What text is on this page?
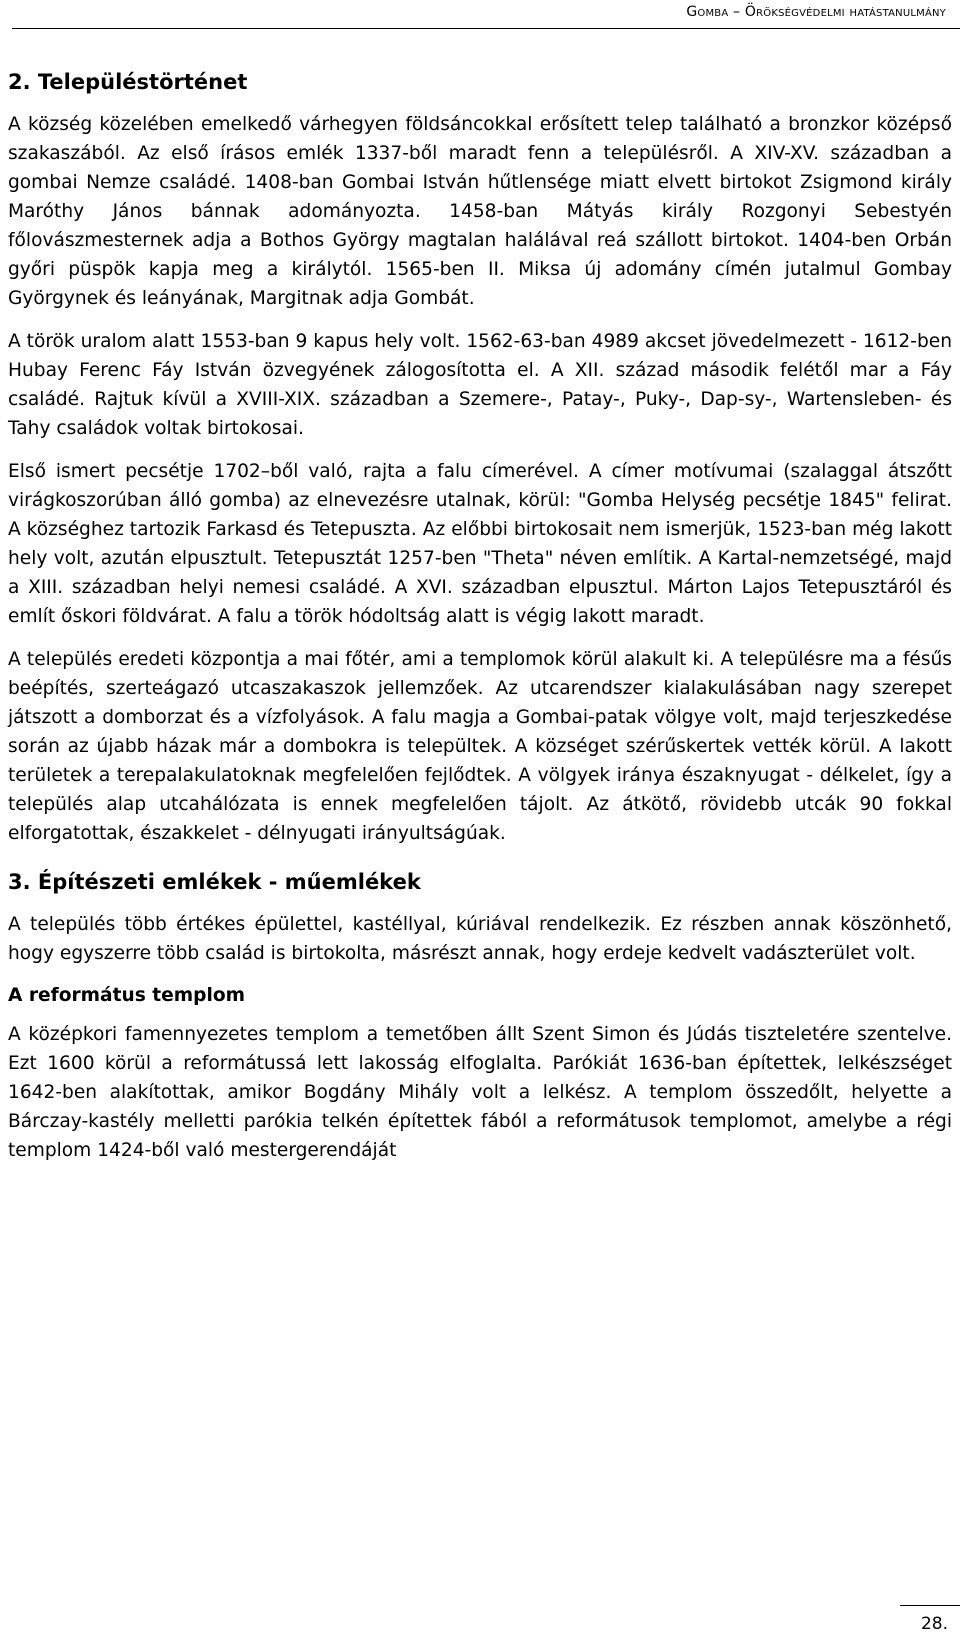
Gomba – Örökségvédelmi hatástanulmány
2. Településtörténet

A község közelében emelkedő várhegyen földsáncokkal erősített telep található a bronzkor középső szakaszából. Az első írásos emlék 1337-ből maradt fenn a településről. A XIV-XV. században a gombai Nemze családé. 1408-ban Gombai István hűtlensége miatt elvett birtokot Zsigmond király Maróthy János bánnak adományozta. 1458-ban Mátyás király Rozgonyi Sebestyén főlovászmesternek adja a Bothos György magtalan halálával reá szállott birtokot. 1404-ben Orbán győri püspök kapja meg a királytól. 1565-ben II. Miksa új adomány címén jutalmul Gombay Györgynek és leányának, Margitnak adja Gombát.

A török uralom alatt 1553-ban 9 kapus hely volt. 1562-63-ban 4989 akcset jövedelmezett - 1612-ben Hubay Ferenc Fáy István özvegyének zálogosította el. A XII. század második felétől mar a Fáy családé. Rajtuk kívül a XVIII-XIX. században a Szemere-, Patay-, Puky-, Dap-sy-, Wartensleben- és Tahy családok voltak birtokosai.

Első ismert pecsétje 1702–ből való, rajta a falu címerével. A címer motívumai (szalaggal átszőtt virágkoszorúban álló gomba) az elnevezésre utalnak, körül: "Gomba Helység pecsétje 1845" felirat. A községhez tartozik Farkasd és Tetepuszta. Az előbbi birtokosait nem ismerjük, 1523-ban még lakott hely volt, azután elpusztult. Tetepusztát 1257-ben "Theta" néven említik. A Kartal-nemzetségé, majd a XIII. században helyi nemesi családé. A XVI. században elpusztul. Márton Lajos Tetepusztáról és említ őskori földvárat. A falu a török hódoltság alatt is végig lakott maradt.

A település eredeti központja a mai főtér, ami a templomok körül alakult ki. A településre ma a fésűs beépítés, szerteágazó utcaszakaszok jellemzőek. Az utcarendszer kialakulásában nagy szerepet játszott a domborzat és a vízfolyások. A falu magja a Gombai-patak völgye volt, majd terjeszkedése során az újabb házak már a dombokra is települtek. A községet szérűskertek vették körül. A lakott területek a terepalakulatoknak megfelelően fejlődtek. A völgyek iránya északnyugat - délkelet, így a település alap utcahálózata is ennek megfelelően tájolt. Az átkötő, rövidebb utcák 90 fokkal elforgatottak, északkelet - délnyugati irányultságúak.

3. Építészeti emlékek - műemlékek

A település több értékes épülettel, kastéllyal, kúriával rendelkezik. Ez részben annak köszönhető, hogy egyszerre több család is birtokolta, másrészt annak, hogy erdeje kedvelt vadászterület volt.

A református templom

A középkori famennyezetes templom a temetőben állt Szent Simon és Júdás tiszteletére szentelve. Ezt 1600 körül a reformátussá lett lakosság elfoglalta. Parókiát 1636-ban építettek, lelkészséget 1642-ben alakítottak, amikor Bogdány Mihály volt a lelkész. A templom összedőlt, helyette a Bárczay-kastély melletti parókia telkén építettek fából a reformátusok templomot, amelybe a régi templom 1424-ből való mestergerendáját

28.
